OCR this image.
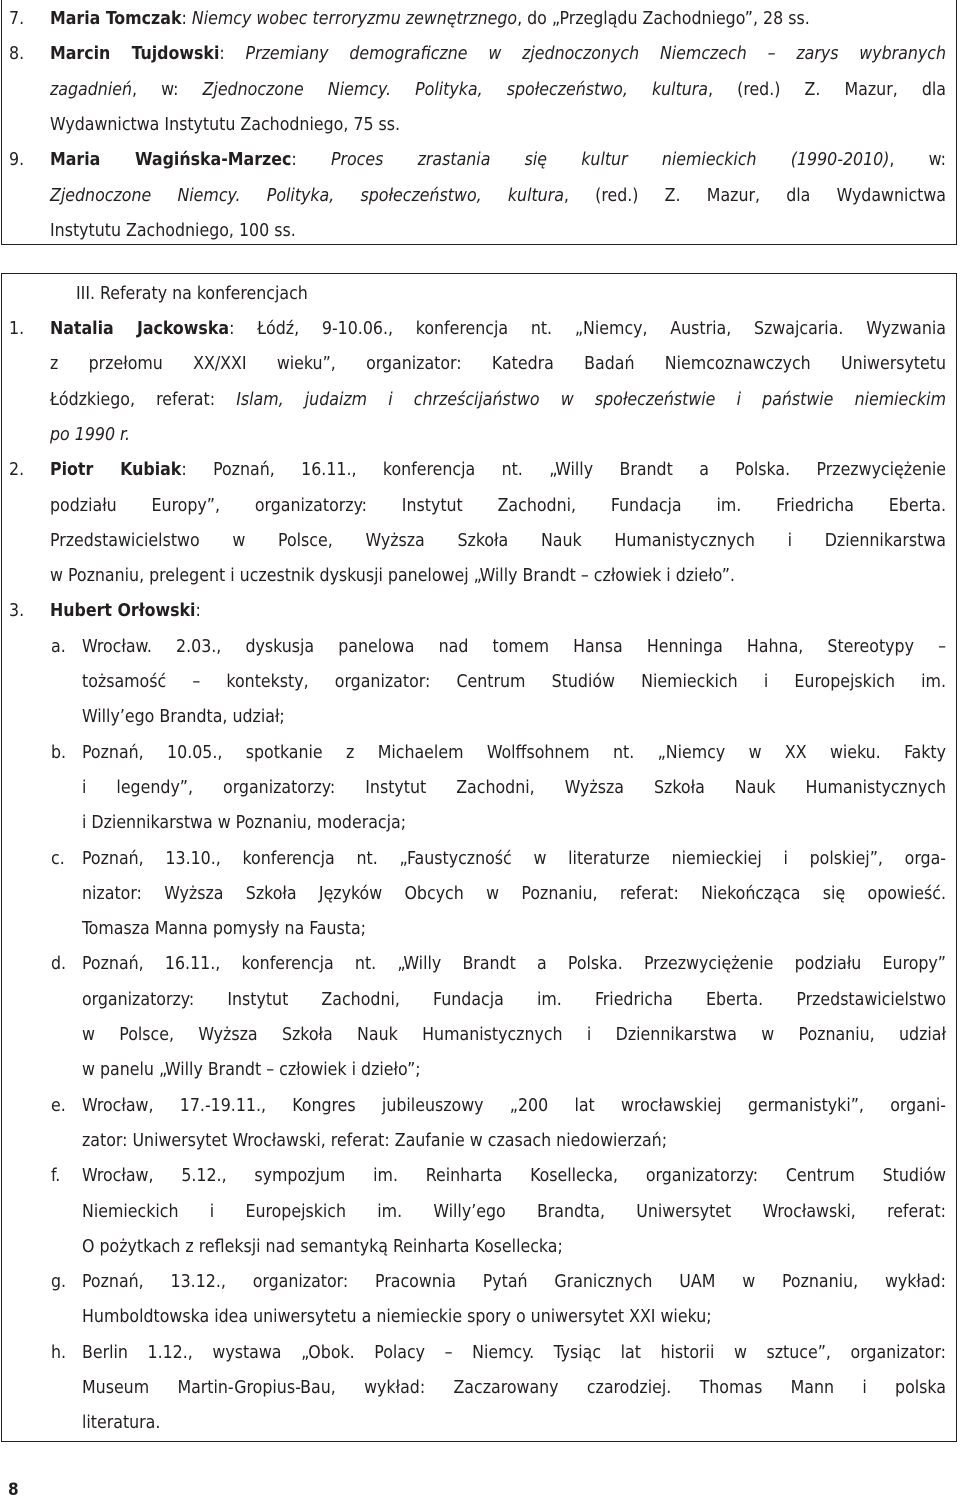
7. Maria Tomczak: Niemcy wobec terroryzmu zewnętrznego, do „Przeglądu Zachodniego”, 28 ss.
8. Marcin Tujdowski: Przemiany demograficzne w zjednoczonych Niemczech – zarys wybranych
zagadnień, w: Zjednoczone Niemcy. Polityka, społeczeństwo, kultura, (red.) Z. Mazur, dla
Wydawnictwa Instytutu Zachodniego, 75 ss.
9. Maria Wagińska-Marzec: Proces zrastania się kultur niemieckich (1990-2010), w:
Zjednoczone Niemcy. Polityka, społeczeństwo, kultura, (red.) Z. Mazur, dla Wydawnictwa
Instytutu Zachodniego, 100 ss.
1. Natalia Jackowska: Łódź, 9-10.06., konferencja nt. „Niemcy, Austria, Szwajcaria. Wyzwania
z przełomu XX/XXI wieku”, organizator: Katedra Badań Niemcoznawczych Uniwersytetu
Łódzkiego, referat: Islam, judaizm i chrześcijaństwo w społeczeństwie i państwie niemieckim
po 1990 r.
2. Piotr Kubiak: Poznań, 16.11., konferencja nt. „Willy Brandt a Polska. Przezwyciężenie
podziału Europy”, organizatorzy: Instytut Zachodni, Fundacja im. Friedricha Eberta.
Przedstawicielstwo w Polsce, Wyższa Szkoła Nauk Humanistycznych i Dziennikarstwa
w Poznaniu, prelegent i uczestnik dyskusji panelowej „Willy Brandt – człowiek i dzieło”.
3. Hubert Orłowski:
a. Wrocław. 2.03., dyskusja panelowa nad tomem Hansa Henninga Hahna, Stereotypy –
tożsamość – konteksty, organizator: Centrum Studiów Niemieckich i Europejskich im.
Willy’ego Brandta, udział;
b. Poznań, 10.05., spotkanie z Michaelem Wolffsohnem nt. „Niemcy w XX wieku. Fakty
i legendy”, organizatorzy: Instytut Zachodni, Wyższa Szkoła Nauk Humanistycznych
i Dziennikarstwa w Poznaniu, moderacja;
c. Poznań, 13.10., konferencja nt. „Faustyczność w literaturze niemieckiej i polskiej”, orga-
nizator: Wyższa Szkoła Języków Obcych w Poznaniu, referat: Niekończąca się opowieść.
Tomasza Manna pomysły na Fausta;
d. Poznań, 16.11., konferencja nt. „Willy Brandt a Polska. Przezwyciężenie podziału Europy”
organizatorzy: Instytut Zachodni, Fundacja im. Friedricha Eberta. Przedstawicielstwo
w Polsce, Wyższa Szkoła Nauk Humanistycznych i Dziennikarstwa w Poznaniu, udział
w panelu „Willy Brandt – człowiek i dzieło”;
e. Wrocław, 17.-19.11., Kongres jubileuszowy „200 lat wrocławskiej germanistyki”, organi-
zator: Uniwersytet Wrocławski, referat: Zaufanie w czasach niedowierzań;
f. Wrocław, 5.12., sympozjum im. Reinharta Kosellecka, organizatorzy: Centrum Studiów
Niemieckich i Europejskich im. Willy’ego Brandta, Uniwersytet Wrocławski, referat:
O pożytkach z refleksji nad semantyką Reinharta Kosellecka;
g. Poznań, 13.12., organizator: Pracownia Pytań Granicznych UAM w Poznaniu, wykład:
Humboldtowska idea uniwersytetu a niemieckie spory o uniwersytet XXI wieku;
h. Berlin 1.12., wystawa „Obok. Polacy – Niemcy. Tysiąc lat historii w sztuce”, organizator:
Museum Martin-Gropius-Bau, wykład: Zaczarowany czarodziej. Thomas Mann i polska
literatura.
III. Referaty na konferencjach
8
